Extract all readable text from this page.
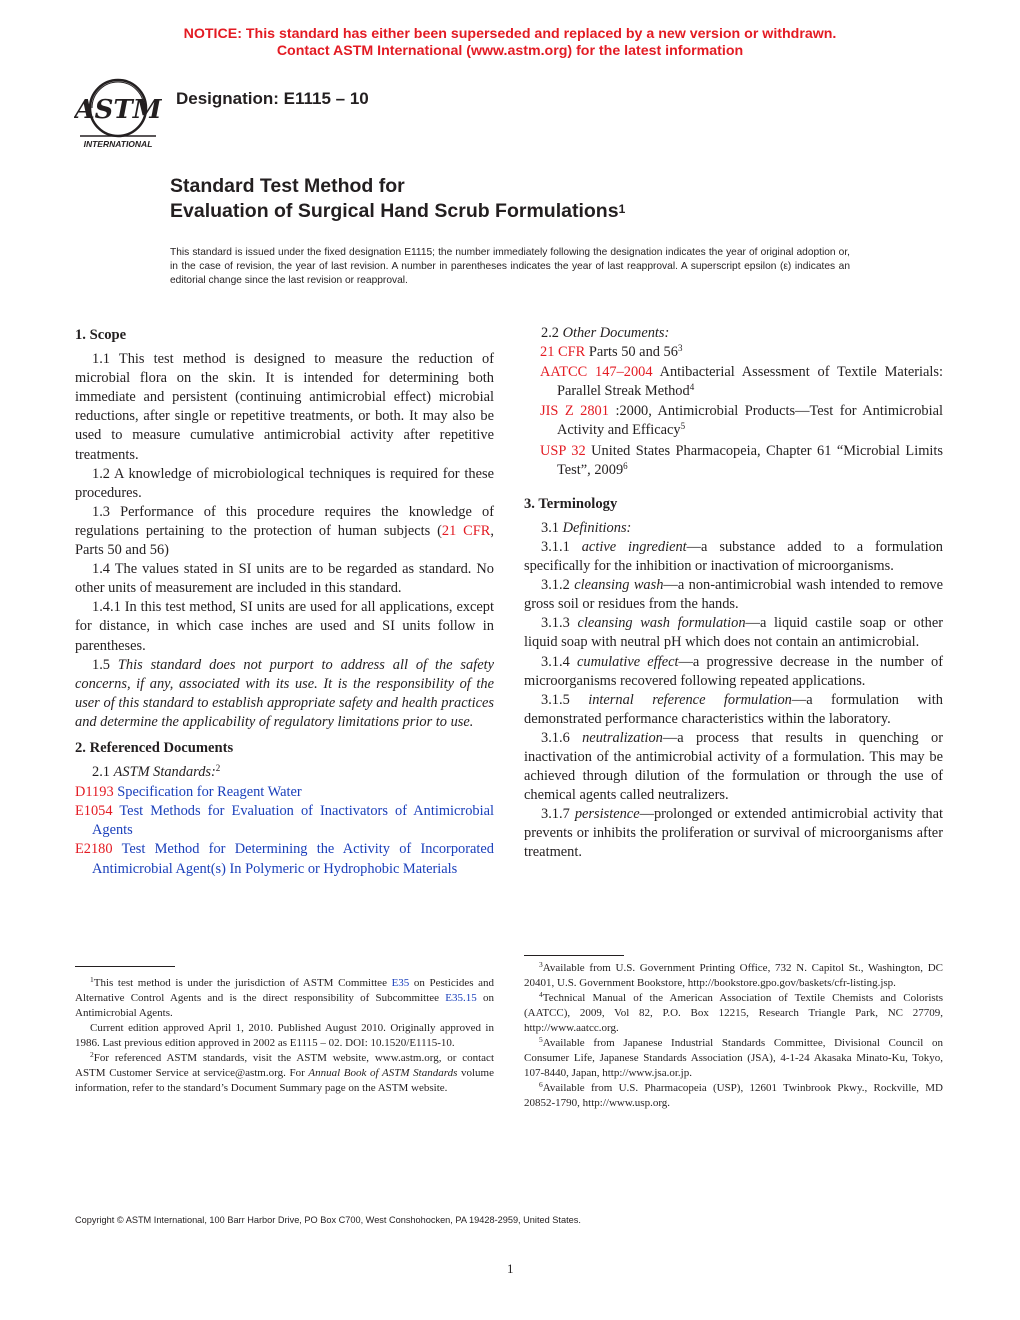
NOTICE: This standard has either been superseded and replaced by a new version or withdrawn.
Contact ASTM International (www.astm.org) for the latest information
ASTM
INTERNATIONAL
Designation: E1115 – 10
Standard Test Method for
Evaluation of Surgical Hand Scrub Formulations$^1$
This standard is issued under the fixed designation E1115; the number immediately following the designation indicates the year of original adoption or, in the case of revision, the year of last revision. A number in parentheses indicates the year of last reapproval. A superscript epsilon (ε) indicates an editorial change since the last revision or reapproval.
1. Scope

1.1 This test method is designed to measure the reduction of microbial flora on the skin. It is intended for determining both immediate and persistent (continuing antimicrobial effect) microbial reductions, after single or repetitive treatments, or both. It may also be used to measure cumulative antimicrobial activity after repetitive treatments.

1.2 A knowledge of microbiological techniques is required for these procedures.

1.3 Performance of this procedure requires the knowledge of regulations pertaining to the protection of human subjects (21 CFR, Parts 50 and 56)

1.4 The values stated in SI units are to be regarded as standard. No other units of measurement are included in this standard.

1.4.1 In this test method, SI units are used for all applications, except for distance, in which case inches are used and SI units follow in parentheses.

1.5 This standard does not purport to address all of the safety concerns, if any, associated with its use. It is the responsibility of the user of this standard to establish appropriate safety and health practices and determine the applicability of regulatory limitations prior to use.

2. Referenced Documents

2.1 ASTM Standards:$^2$

D1193 Specification for Reagent Water
E1054 Test Methods for Evaluation of Inactivators of Antimicrobial Agents
E2180 Test Method for Determining the Activity of Incorporated Antimicrobial Agent(s) In Polymeric or Hydrophobic Materials

2.2 Other Documents:

21 CFR Parts 50 and $56^3$
AATCC 147–2004 Antibacterial Assessment of Textile Materials: Parallel Streak Method$^4$
JIS Z 2801 :2000, Antimicrobial Products—Test for Antimicrobial Activity and Efficacy$^5$
USP 32 United States Pharmacopeia, Chapter 61 “Microbial Limits Test”, 2009$^6$
3. Terminology

3.1 Definitions:

3.1.1 active ingredient—a substance added to a formulation specifically for the inhibition or inactivation of microorganisms.

3.1.2 cleansing wash—a non-antimicrobial wash intended to remove gross soil or residues from the hands.

3.1.3 cleansing wash formulation—a liquid castile soap or other liquid soap with neutral pH which does not contain an antimicrobial.

3.1.4 cumulative effect—a progressive decrease in the number of microorganisms recovered following repeated applications.

3.1.5 internal reference formulation—a formulation with demonstrated performance characteristics within the laboratory.

3.1.6 neutralization—a process that results in quenching or inactivation of the antimicrobial activity of a formulation. This may be achieved through dilution of the formulation or through the use of chemical agents called neutralizers.

3.1.7 persistence—prolonged or extended antimicrobial activity that prevents or inhibits the proliferation or survival of microorganisms after treatment.

$^1$This test method is under the jurisdiction of ASTM Committee E35 on Pesticides and Alternative Control Agents and is the direct responsibility of Subcommittee E35.15 on Antimicrobial Agents.

Current edition approved April 1, 2010. Published August 2010. Originally approved in 1986. Last previous edition approved in 2002 as E1115 – 02. DOI: 10.1520/E1115-10.

$^2$For referenced ASTM standards, visit the ASTM website, www.astm.org, or contact ASTM Customer Service at service@astm.org. For Annual Book of ASTM Standards volume information, refer to the standard’s Document Summary page on the ASTM website.

$^3$Available from U.S. Government Printing Office, 732 N. Capitol St., Washington, DC 20401, U.S. Government Bookstore, http://bookstore.gpo.gov/baskets/cfr-listing.jsp.

$^4$Technical Manual of the American Association of Textile Chemists and Colorists (AATCC), 2009, Vol 82, P.O. Box 12215, Research Triangle Park, NC 27709, http://www.aatcc.org.

$^5$Available from Japanese Industrial Standards Committee, Divisional Council on Consumer Life, Japanese Standards Association (JSA), 4-1-24 Akasaka Minato-Ku, Tokyo, 107-8440, Japan, http://www.jsa.or.jp.

$^6$Available from U.S. Pharmacopeia (USP), 12601 Twinbrook Pkwy., Rockville, MD 20852-1790, http://www.usp.org.

Copyright © ASTM International, 100 Barr Harbor Drive, PO Box C700, West Conshohocken, PA 19428-2959, United States.
1
